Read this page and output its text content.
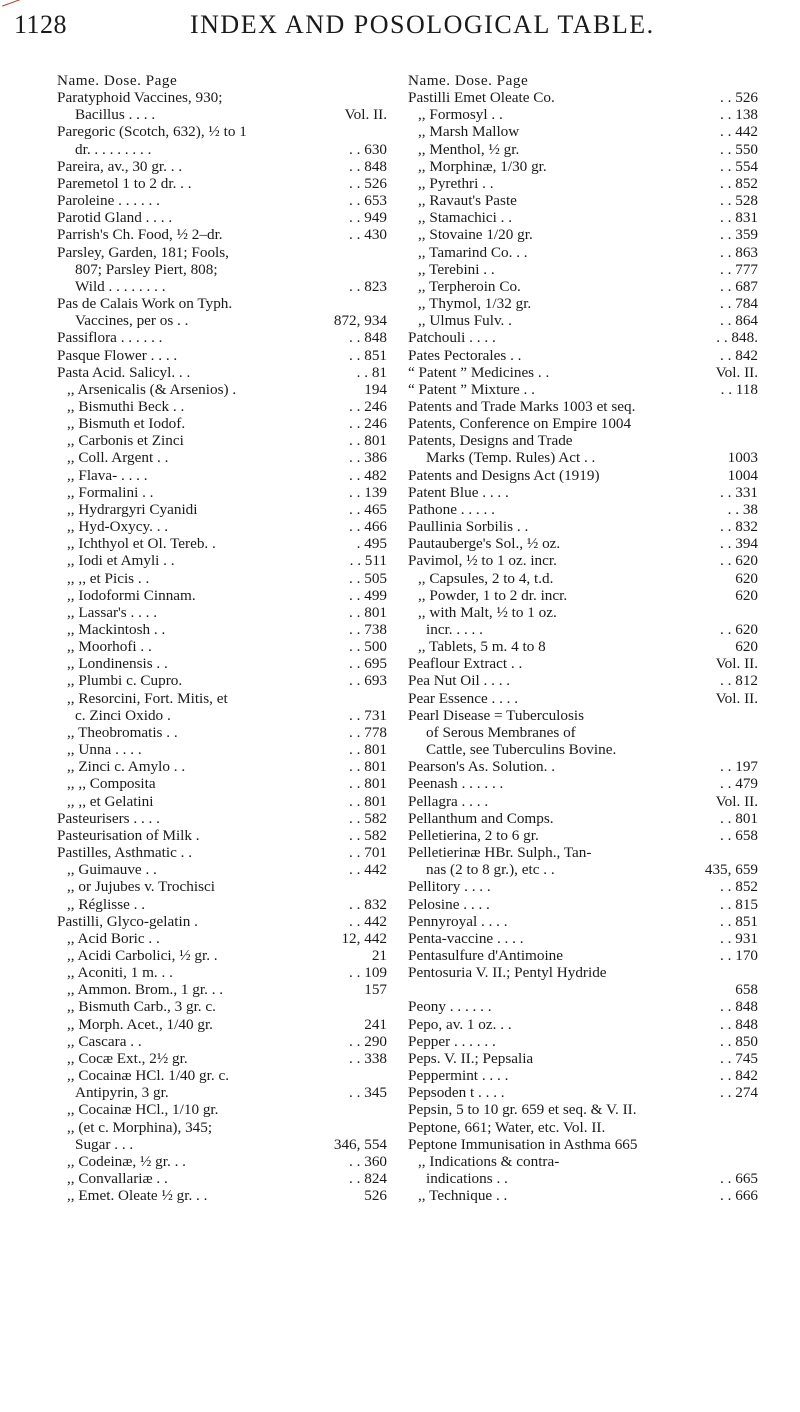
1128	INDEX AND POSOLOGICAL TABLE.
Name. Dose. Page
Paratyphoid Vaccines, 930;
Bacillus . . . .	Vol. II.
Paregoric (Scotch, 632), ½ to 1
dr. . . . . . . . .	. . 630
Pareira, av., 30 gr. . .	. . 848
Paremetol 1 to 2 dr. . .	. . 526
Paroleine . . . . . .	. . 653
Parotid Gland . . . .	. . 949
Parrish's Ch. Food, ½ 2–dr.	. . 430
Parsley, Garden, 181; Fools,
807; Parsley Piert, 808;
Wild . . . . . . . .	. . 823
Pas de Calais Work on Typh.
Vaccines, per os . .	872, 934
Passiflora . . . . . .	. . 848
Pasque Flower . . . .	. . 851
Pasta Acid. Salicyl. . .	. . 81
,, Arsenicalis (& Arsenios) .	194
,, Bismuthi Beck . .	. . 246
,, Bismuth et Iodof.	. . 246
,, Carbonis et Zinci	. . 801
,, Coll. Argent . .	. . 386
,, Flava- . . . .	. . 482
,, Formalini . .	. . 139
,, Hydrargyri Cyanidi	. . 465
,, Hyd-Oxycy. . .	. . 466
,, Ichthyol et Ol. Tereb. .	. 495
,, Iodi et Amyli . .	. . 511
,, ,, et Picis . .	. . 505
,, Iodoformi Cinnam.	. . 499
,, Lassar's . . . .	. . 801
,, Mackintosh . .	. . 738
,, Moorhofi . .	. . 500
,, Londinensis . .	. . 695
,, Plumbi c. Cupro.	. . 693
,, Resorcini, Fort. Mitis, et
c. Zinci Oxido .	. . 731
,, Theobromatis . .	. . 778
,, Unna . . . .	. . 801
,, Zinci c. Amylo . .	. . 801
,, ,, Composita	. . 801
,, ,, et Gelatini	. . 801
Pasteurisers . . . .	. . 582
Pasteurisation of Milk .	. . 582
Pastilles, Asthmatic . .	. . 701
,, Guimauve . .	. . 442
,, or Jujubes v. Trochisci
,, Réglisse . .	. . 832
Pastilli, Glyco-gelatin .	. . 442
,, Acid Boric . .	12, 442
,, Acidi Carbolici, ½ gr. .	21
,, Aconiti, 1 m. . .	. . 109
,, Ammon. Brom., 1 gr. . .	157
,, Bismuth Carb., 3 gr. c.
,, Morph. Acet., 1/40 gr.	241
,, Cascara . .	. . 290
,, Cocæ Ext., 2½ gr.	. . 338
,, Cocainæ HCl. 1/40 gr. c.
Antipyrin, 3 gr.	. . 345
,, Cocainæ HCl., 1/10 gr.
,, (et c. Morphina), 345;
Sugar . . .	346, 554
,, Codeinæ, ½ gr. . .	. . 360
,, Convallariæ . .	. . 824
,, Emet. Oleate ½ gr. . .	526
Name. Dose. Page
Pastilli Emet Oleate Co.	. . 526
,, Formosyl . .	. . 138
,, Marsh Mallow	. . 442
,, Menthol, ½ gr.	. . 550
,, Morphinæ, 1/30 gr.	. . 554
,, Pyrethri . .	. . 852
,, Ravaut's Paste	. . 528
,, Stamachici . .	. . 831
,, Stovaine 1/20 gr.	. . 359
,, Tamarind Co. . .	. . 863
,, Terebini . .	. . 777
,, Terpheroin Co.	. . 687
,, Thymol, 1/32 gr.	. . 784
,, Ulmus Fulv. .	. . 864
Patchouli . . . .	. . 848.
Pates Pectorales . .	. . 842
“ Patent ” Medicines . .	Vol. II.
“ Patent ” Mixture . .	. . 118
Patents and Trade Marks 1003 et seq.
Patents, Conference on Empire 1004
Patents, Designs and Trade
Marks (Temp. Rules) Act . .	1003
Patents and Designs Act (1919)	1004
Patent Blue . . . .	. . 331
Pathone . . . . .	. . 38
Paullinia Sorbilis . .	. . 832
Pautauberge's Sol., ½ oz.	. . 394
Pavimol, ½ to 1 oz. incr.	. . 620
,, Capsules, 2 to 4, t.d.	620
,, Powder, 1 to 2 dr. incr.	620
,, with Malt, ½ to 1 oz.
incr. . . . .	. . 620
,, Tablets, 5 m. 4 to 8	620
Peaflour Extract . .	Vol. II.
Pea Nut Oil . . . .	. . 812
Pear Essence . . . .	Vol. II.
Pearl Disease = Tuberculosis
of Serous Membranes of
Cattle, see Tuberculins Bovine.
Pearson's As. Solution. .	. . 197
Peenash . . . . . .	. . 479
Pellagra . . . .	Vol. II.
Pellanthum and Comps.	. . 801
Pelletierina, 2 to 6 gr.	. . 658
Pelletierinæ HBr. Sulph., Tan-
nas (2 to 8 gr.), etc . .	435, 659
Pellitory . . . .	. . 852
Pelosine . . . .	. . 815
Pennyroyal . . . .	. . 851
Penta-vaccine . . . .	. . 931
Pentasulfure d'Antimoine	. . 170
Pentosuria V. II.; Pentyl Hydride
658
Peony . . . . . .	. . 848
Pepo, av. 1 oz. . .	. . 848
Pepper . . . . . .	. . 850
Peps. V. II.; Pepsalia	. . 745
Peppermint . . . .	. . 842
Pepsoden t . . . .	. . 274
Pepsin, 5 to 10 gr. 659 et seq. & V. II.
Peptone, 661; Water, etc. Vol. II.
Peptone Immunisation in Asthma 665
,, Indications & contra-
indications . .	. . 665
,, Technique . .	. . 666
